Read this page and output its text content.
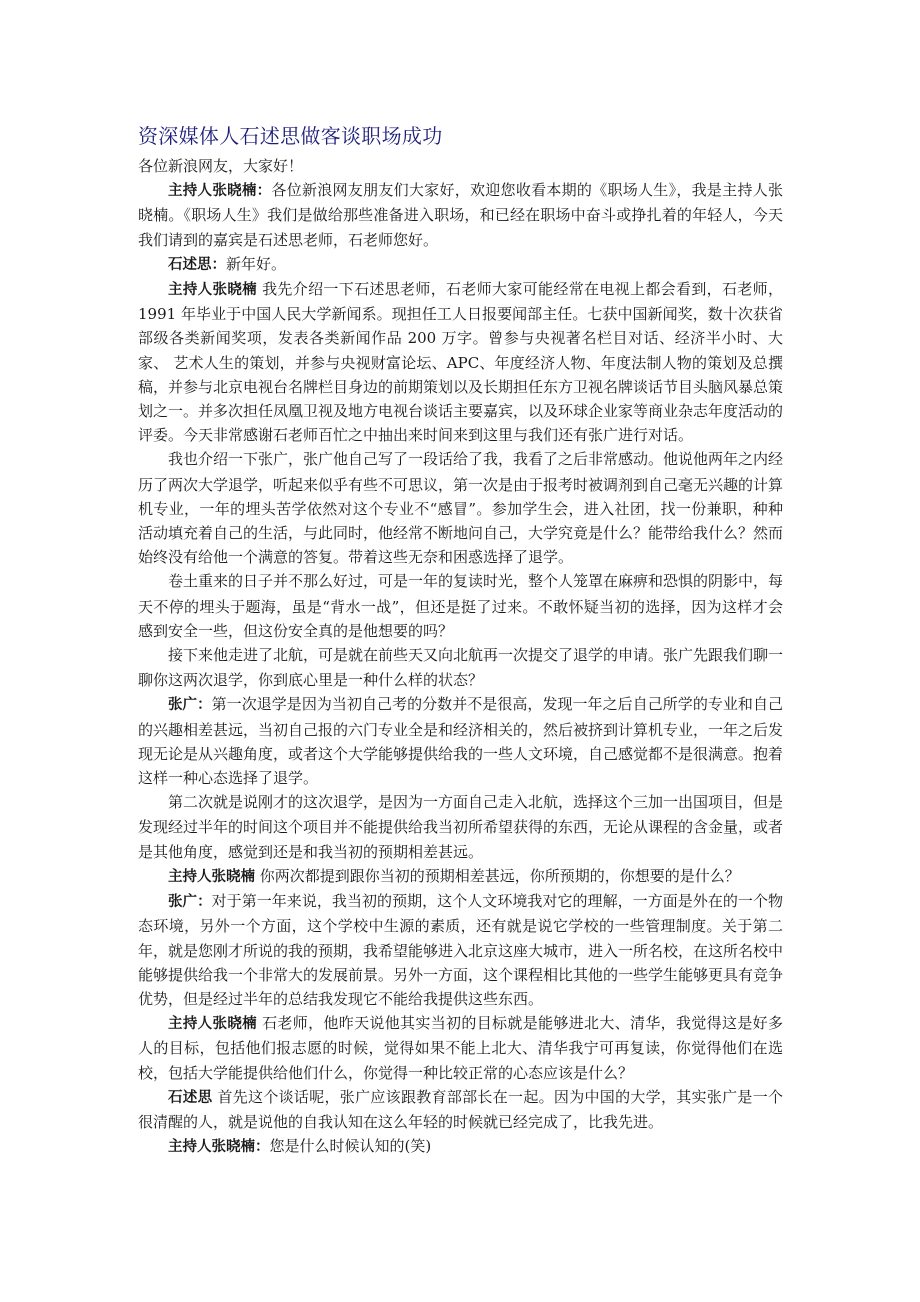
资深媒体人石述思做客谈职场成功

各位新浪网友，大家好！

主持人张晓楠：各位新浪网友朋友们大家好，欢迎您收看本期的《职场人生》，我是主持人张晓楠。《职场人生》我们是做给那些准备进入职场，和已经在职场中奋斗或挣扎着的年轻人，今天我们请到的嘉宾是石述思老师，石老师您好。

石述思：新年好。

主持人张晓楠 我先介绍一下石述思老师，石老师大家可能经常在电视上都会看到，石老师，1991 年毕业于中国人民大学新闻系。现担任工人日报要闻部主任。七获中国新闻奖，数十次获省部级各类新闻奖项，发表各类新闻作品 200 万字。曾参与央视著名栏目对话、经济半小时、大家、 艺术人生的策划，并参与央视财富论坛、APC、年度经济人物、年度法制人物的策划及总撰稿，并参与北京电视台名牌栏目身边的前期策划以及长期担任东方卫视名牌谈话节目头脑风暴总策划之一。并多次担任凤凰卫视及地方电视台谈话主要嘉宾，以及环球企业家等商业杂志年度活动的评委。今天非常感谢石老师百忙之中抽出来时间来到这里与我们还有张广进行对话。

我也介绍一下张广，张广他自己写了一段话给了我，我看了之后非常感动。他说他两年之内经历了两次大学退学，听起来似乎有些不可思议，第一次是由于报考时被调剂到自己毫无兴趣的计算机专业，一年的埋头苦学依然对这个专业不“感冒”。参加学生会，进入社团，找一份兼职，种种活动填充着自己的生活，与此同时，他经常不断地问自己，大学究竟是什么？能带给我什么？然而始终没有给他一个满意的答复。带着这些无奈和困惑选择了退学。

卷土重来的日子并不那么好过，可是一年的复读时光，整个人笼罩在麻痹和恐惧的阴影中，每天不停的埋头于题海，虽是“背水一战”，但还是挺了过来。不敢怀疑当初的选择，因为这样才会感到安全一些，但这份安全真的是他想要的吗？

接下来他走进了北航，可是就在前些天又向北航再一次提交了退学的申请。张广先跟我们聊一聊你这两次退学，你到底心里是一种什么样的状态？

张广：第一次退学是因为当初自己考的分数并不是很高，发现一年之后自己所学的专业和自己的兴趣相差甚远，当初自己报的六门专业全是和经济相关的，然后被挤到计算机专业，一年之后发现无论是从兴趣角度，或者这个大学能够提供给我的一些人文环境，自己感觉都不是很满意。抱着这样一种心态选择了退学。

第二次就是说刚才的这次退学，是因为一方面自己走入北航，选择这个三加一出国项目，但是发现经过半年的时间这个项目并不能提供给我当初所希望获得的东西，无论从课程的含金量，或者是其他角度，感觉到还是和我当初的预期相差甚远。

主持人张晓楠 你两次都提到跟你当初的预期相差甚远，你所预期的，你想要的是什么？

张广：对于第一年来说，我当初的预期，这个人文环境我对它的理解，一方面是外在的一个物态环境，另外一个方面，这个学校中生源的素质，还有就是说它学校的一些管理制度。关于第二年，就是您刚才所说的我的预期，我希望能够进入北京这座大城市，进入一所名校，在这所名校中能够提供给我一个非常大的发展前景。另外一方面，这个课程相比其他的一些学生能够更具有竞争优势，但是经过半年的总结我发现它不能给我提供这些东西。

主持人张晓楠 石老师，他昨天说他其实当初的目标就是能够进北大、清华，我觉得这是好多人的目标，包括他们报志愿的时候，觉得如果不能上北大、清华我宁可再复读，你觉得他们在选校，包括大学能提供给他们什么，你觉得一种比较正常的心态应该是什么？

石述思 首先这个谈话呢，张广应该跟教育部部长在一起。因为中国的大学，其实张广是一个很清醒的人，就是说他的自我认知在这么年轻的时候就已经完成了，比我先进。

主持人张晓楠：您是什么时候认知的(笑)
